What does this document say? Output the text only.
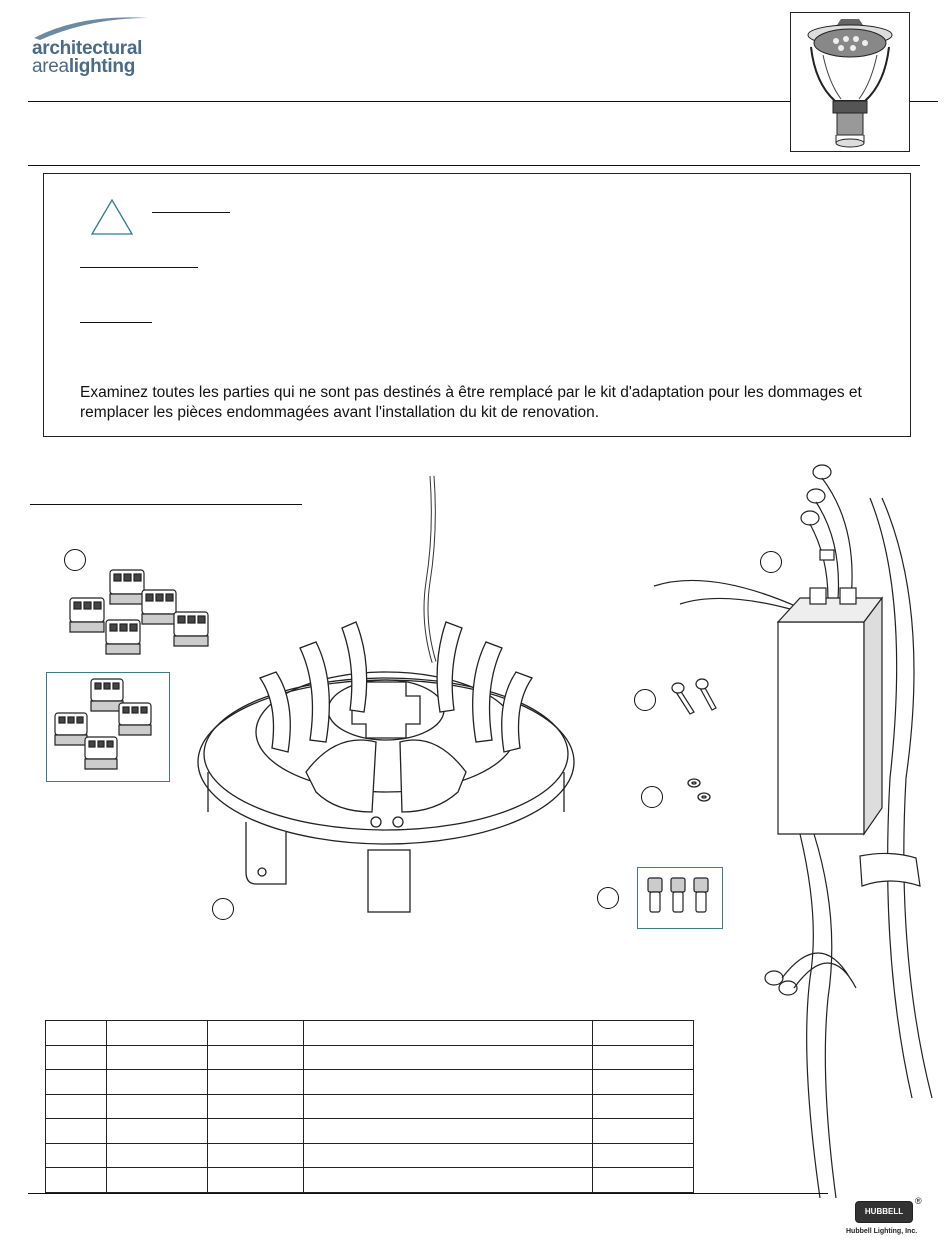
architectural
arealighting
Examinez toutes les parties qui ne sont pas destinés à être remplacé par le kit d'adaptation pour les dommages et remplacer les pièces endommagées avant l'installation du kit de renovation.

HUBBELL
®
Hubbell Lighting, Inc.
